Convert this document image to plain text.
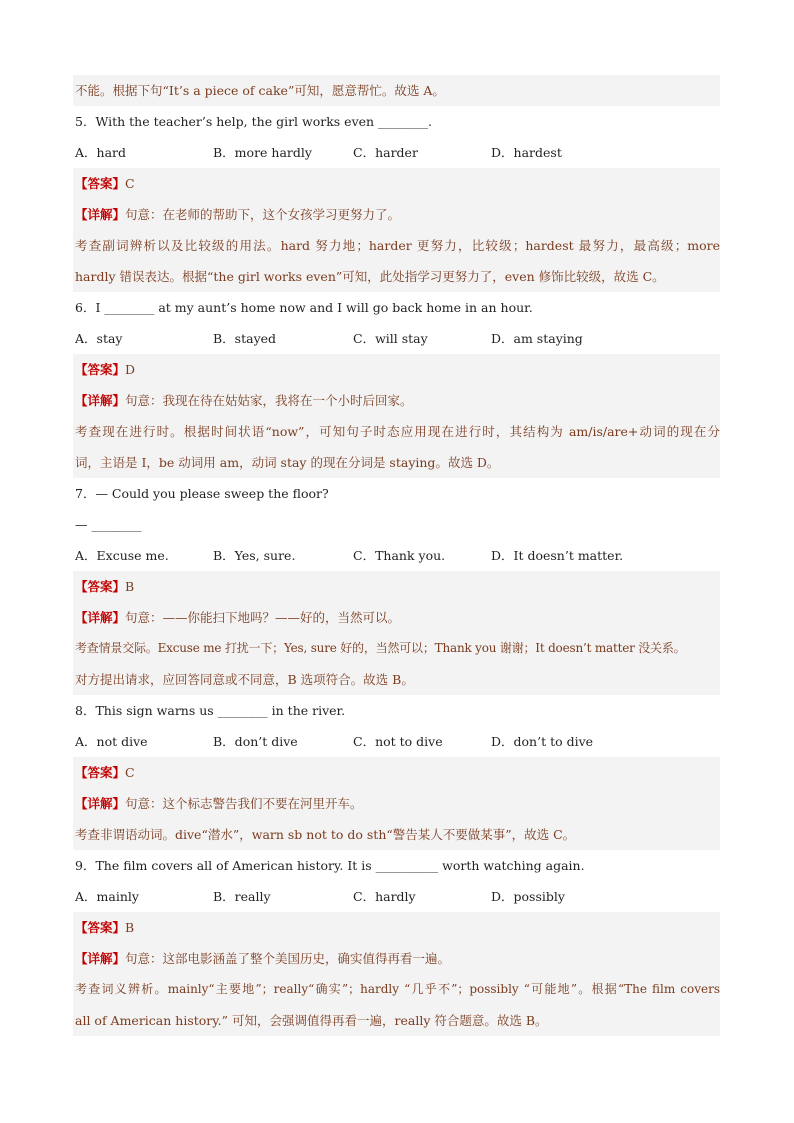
不能。根据下句“It’s a piece of cake”可知，愿意帮忙。故选 A。
5．With the teacher’s help, the girl works even ________.
A．hard	B．more hardly	C．harder	D．hardest
【答案】C
【详解】句意：在老师的帮助下，这个女孩学习更努力了。
考查副词辨析以及比较级的用法。hard 努力地；harder 更努力，比较级；hardest 最努力，最高级；more
hardly 错误表达。根据“the girl works even”可知，此处指学习更努力了，even 修饰比较级，故选 C。
6．I ________ at my aunt’s home now and I will go back home in an hour.
A．stay	B．stayed	C．will stay	D．am staying
【答案】D
【详解】句意：我现在待在姑姑家，我将在一个小时后回家。
考查现在进行时。根据时间状语“now”，可知句子时态应用现在进行时，其结构为 am/is/are+动词的现在分
词，主语是 I，be 动词用 am，动词 stay 的现在分词是 staying。故选 D。
7．— Could you please sweep the floor?
— ________
A．Excuse me.	B．Yes, sure.	C．Thank you.	D．It doesn’t matter.
【答案】B
【详解】句意：——你能扫下地吗？——好的，当然可以。
考查情景交际。Excuse me 打扰一下；Yes, sure 好的，当然可以；Thank you 谢谢；It doesn’t matter 没关系。
对方提出请求，应回答同意或不同意，B 选项符合。故选 B。
8．This sign warns us ________ in the river.
A．not dive	B．don’t dive	C．not to dive	D．don’t to dive
【答案】C
【详解】句意：这个标志警告我们不要在河里开车。
考查非谓语动词。dive“潜水”，warn sb not to do sth“警告某人不要做某事”，故选 C。
9．The film covers all of American history. It is __________ worth watching again.
A．mainly	B．really	C．hardly	D．possibly
【答案】B
【详解】句意：这部电影涵盖了整个美国历史，确实值得再看一遍。
考查词义辨析。mainly“主要地”；really“确实”；hardly “几乎不”；possibly “可能地”。根据“The film covers
all of American history.” 可知，会强调值得再看一遍，really 符合题意。故选 B。
